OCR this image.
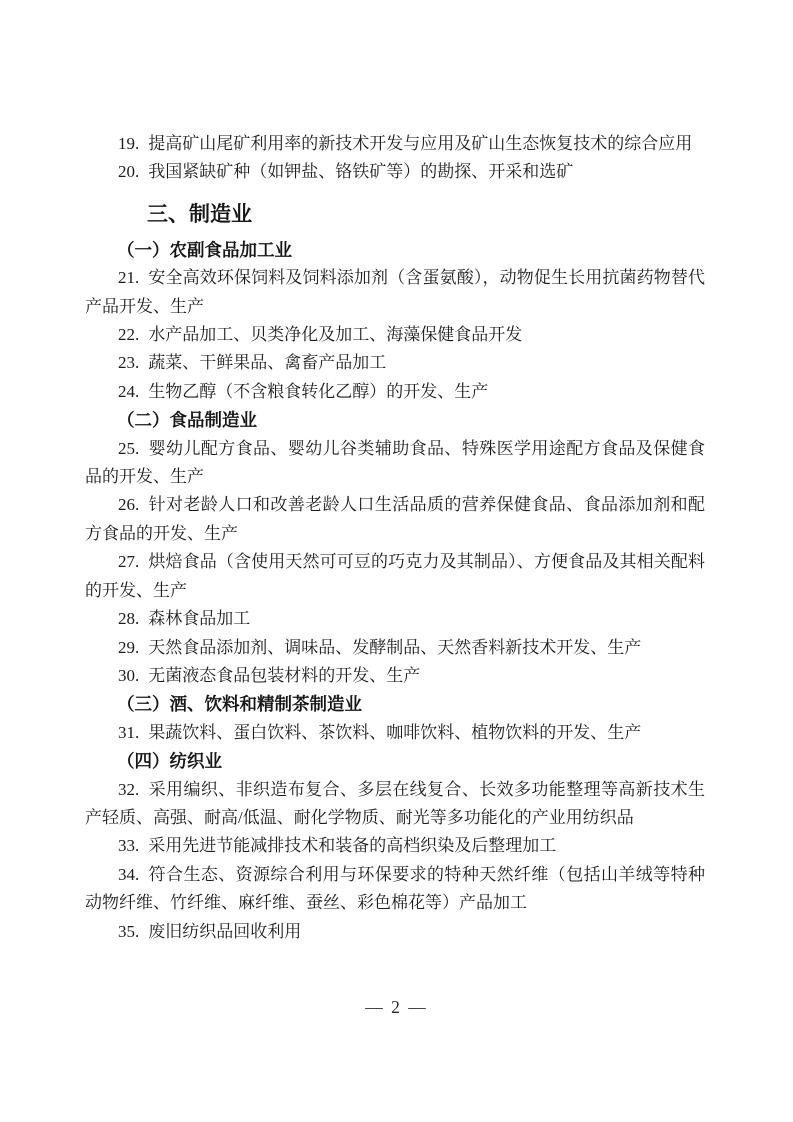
19. 提高矿山尾矿利用率的新技术开发与应用及矿山生态恢复技术的综合应用

20. 我国紧缺矿种（如钾盐、铬铁矿等）的勘探、开采和选矿

三、制造业
（一）农副食品加工业

21. 安全高效环保饲料及饲料添加剂（含蛋氨酸），动物促生长用抗菌药物替代产品开发、生产

22. 水产品加工、贝类净化及加工、海藻保健食品开发

23. 蔬菜、干鲜果品、禽畜产品加工

24. 生物乙醇（不含粮食转化乙醇）的开发、生产

（二）食品制造业

25. 婴幼儿配方食品、婴幼儿谷类辅助食品、特殊医学用途配方食品及保健食品的开发、生产

26. 针对老龄人口和改善老龄人口生活品质的营养保健食品、食品添加剂和配方食品的开发、生产

27. 烘焙食品（含使用天然可可豆的巧克力及其制品）、方便食品及其相关配料的开发、生产

28. 森林食品加工

29. 天然食品添加剂、调味品、发酵制品、天然香料新技术开发、生产

30. 无菌液态食品包装材料的开发、生产

（三）酒、饮料和精制茶制造业

31. 果蔬饮料、蛋白饮料、茶饮料、咖啡饮料、植物饮料的开发、生产

（四）纺织业

32. 采用编织、非织造布复合、多层在线复合、长效多功能整理等高新技术生产轻质、高强、耐高/低温、耐化学物质、耐光等多功能化的产业用纺织品

33. 采用先进节能减排技术和装备的高档织染及后整理加工

34. 符合生态、资源综合利用与环保要求的特种天然纤维（包括山羊绒等特种动物纤维、竹纤维、麻纤维、蚕丝、彩色棉花等）产品加工

35. 废旧纺织品回收利用

— 2 —
